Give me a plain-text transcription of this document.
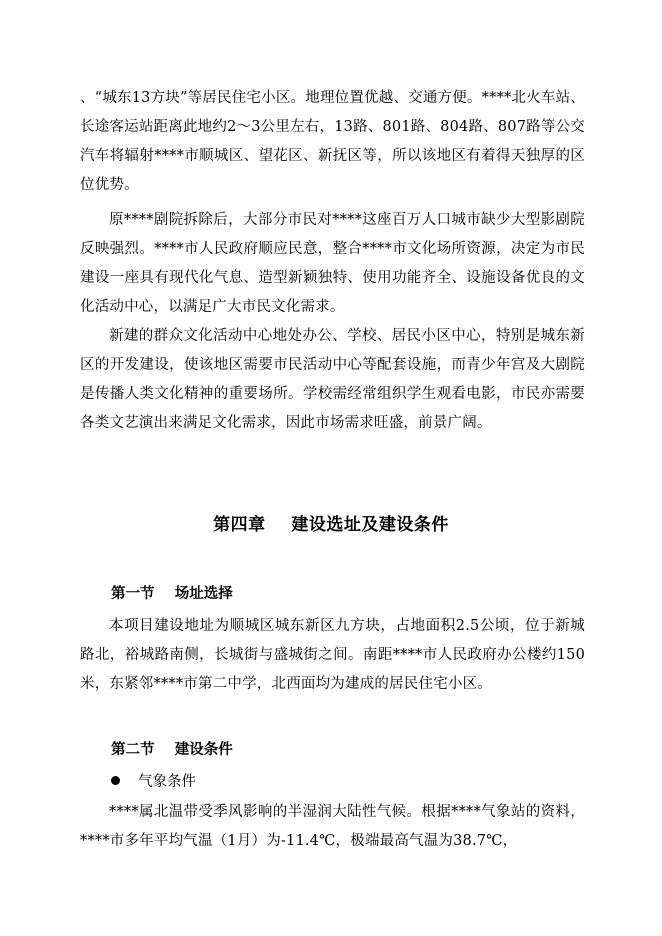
、“城东13方块”等居民住宅小区。地理位置优越、交通方便。****北火车站、长途客运站距离此地约2～3公里左右，13路、801路、804路、807路等公交汽车将辐射****市顺城区、望花区、新抚区等，所以该地区有着得天独厚的区位优势。

原****剧院拆除后，大部分市民对****这座百万人口城市缺少大型影剧院反映强烈。****市人民政府顺应民意，整合****市文化场所资源，决定为市民建设一座具有现代化气息、造型新颖独特、使用功能齐全、设施设备优良的文化活动中心，以满足广大市民文化需求。

新建的群众文化活动中心地处办公、学校、居民小区中心，特别是城东新区的开发建设，使该地区需要市民活动中心等配套设施，而青少年宫及大剧院是传播人类文化精神的重要场所。学校需经常组织学生观看电影，市民亦需要各类文艺演出来满足文化需求，因此市场需求旺盛，前景广阔。

第四章    建设选址及建设条件
第一节    场址选择

本项目建设地址为顺城区城东新区九方块，占地面积2.5公顷，位于新城路北，裕城路南侧，长城街与盛城街之间。南距****市人民政府办公楼约150米，东紧邻****市第二中学，北西面均为建成的居民住宅小区。

第二节    建设条件
气象条件

****属北温带受季风影响的半湿润大陆性气候。根据****气象站的资料，****市多年平均气温（1月）为-11.4℃，极端最高气温为38.7℃，
